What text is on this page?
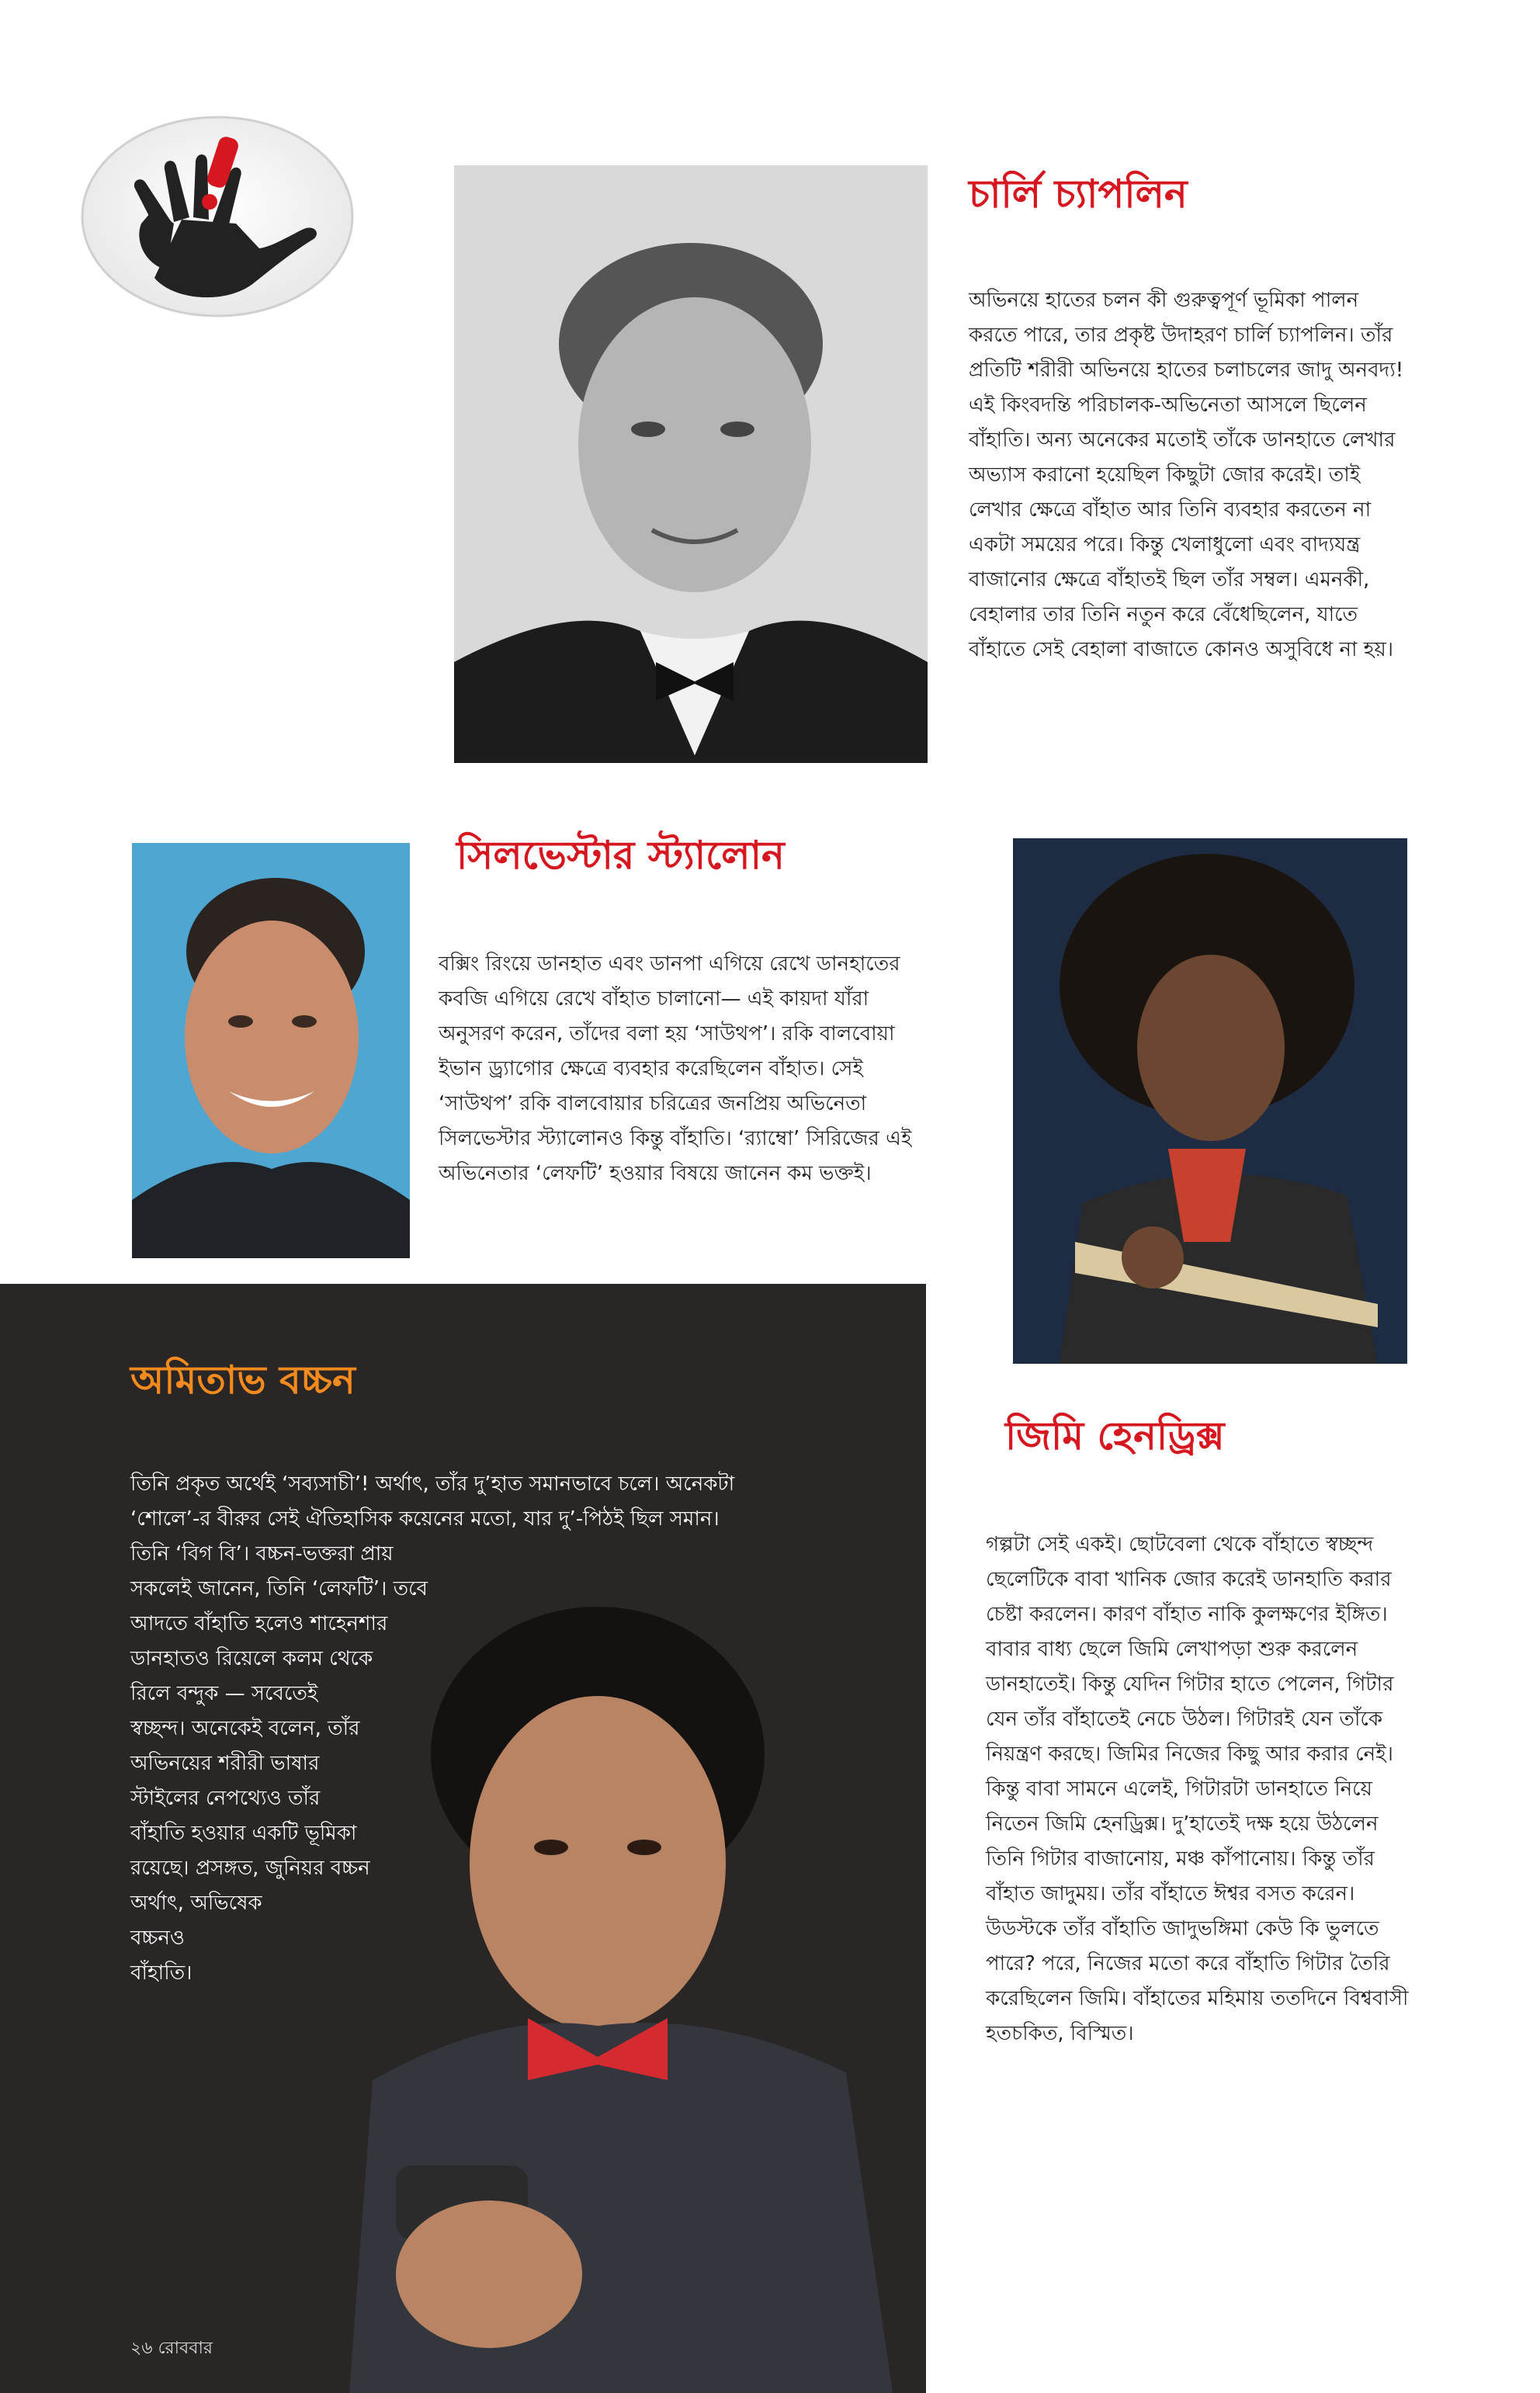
চার্লি চ্যাপলিন

অভিনয়ে হাতের চলন কী গুরুত্বপূর্ণ ভূমিকা পালন করতে পারে, তার প্রকৃষ্ট উদাহরণ চার্লি চ্যাপলিন। তাঁর প্রতিটি শরীরী অভিনয়ে হাতের চলাচলের জাদু অনবদ্য! এই কিংবদন্তি পরিচালক-অভিনেতা আসলে ছিলেন বাঁহাতি। অন্য অনেকের মতোই তাঁকে ডানহাতে লেখার অভ্যাস করানো হয়েছিল কিছুটা জোর করেই। তাই লেখার ক্ষেত্রে বাঁহাত আর তিনি ব্যবহার করতেন না একটা সময়ের পরে। কিন্তু খেলাধুলো এবং বাদ্যযন্ত্র বাজানোর ক্ষেত্রে বাঁহাতই ছিল তাঁর সম্বল। এমনকী, বেহালার তার তিনি নতুন করে বেঁধেছিলেন, যাতে বাঁহাতে সেই বেহালা বাজাতে কোনও অসুবিধে না হয়।

সিলভেস্টার স্ট্যালোন

বক্সিং রিংয়ে ডানহাত এবং ডানপা এগিয়ে রেখে ডানহাতের কবজি এগিয়ে রেখে বাঁহাত চালানো— এই কায়দা যাঁরা অনুসরণ করেন, তাঁদের বলা হয় ‘সাউথপ’। রকি বালবোয়া ইভান ড্র্যাগোর ক্ষেত্রে ব্যবহার করেছিলেন বাঁহাত। সেই ‘সাউথপ’ রকি বালবোয়ার চরিত্রের জনপ্রিয় অভিনেতা সিলভেস্টার স্ট্যালোনও কিন্তু বাঁহাতি। ‘র‍্যাম্বো’ সিরিজের এই অভিনেতার ‘লেফটি’ হওয়ার বিষয়ে জানেন কম ভক্তই।

জিমি হেনড্রিক্স

গল্পটা সেই একই। ছোটবেলা থেকে বাঁহাতে স্বচ্ছন্দ ছেলেটিকে বাবা খানিক জোর করেই ডানহাতি করার চেষ্টা করলেন। কারণ বাঁহাত নাকি কুলক্ষণের ইঙ্গিত। বাবার বাধ্য ছেলে জিমি লেখাপড়া শুরু করলেন ডানহাতেই। কিন্তু যেদিন গিটার হাতে পেলেন, গিটার যেন তাঁর বাঁহাতেই নেচে উঠল। গিটারই যেন তাঁকে নিয়ন্ত্রণ করছে। জিমির নিজের কিছু আর করার নেই। কিন্তু বাবা সামনে এলেই, গিটারটা ডানহাতে নিয়ে নিতেন জিমি হেনড্রিক্স। দু’হাতেই দক্ষ হয়ে উঠলেন তিনি গিটার বাজানোয়, মঞ্চ কাঁপানোয়। কিন্তু তাঁর বাঁহাত জাদুময়। তাঁর বাঁহাতে ঈশ্বর বসত করেন। উডস্টকে তাঁর বাঁহাতি জাদুভঙ্গিমা কেউ কি ভুলতে পারে? পরে, নিজের মতো করে বাঁহাতি গিটার তৈরি করেছিলেন জিমি। বাঁহাতের মহিমায় ততদিনে বিশ্ববাসী হতচকিত, বিস্মিত।

অমিতাভ বচ্চন
তিনি প্রকৃত অর্থেই ‘সব্যসাচী’! অর্থাৎ, তাঁর দু’হাত সমানভাবে চলে। অনেকটা
‘শোলে’-র বীরুর সেই ঐতিহাসিক কয়েনের মতো, যার দু’-পিঠই ছিল সমান।
তিনি ‘বিগ বি’। বচ্চন-ভক্তরা প্রায়
সকলেই জানেন, তিনি ‘লেফটি’। তবে
আদতে বাঁহাতি হলেও শাহেনশার
ডানহাতও রিয়েলে কলম থেকে
রিলে বন্দুক — সবেতেই
স্বচ্ছন্দ। অনেকেই বলেন, তাঁর
অভিনয়ের শরীরী ভাষার
স্টাইলের নেপথ্যেও তাঁর
বাঁহাতি হওয়ার একটি ভূমিকা
রয়েছে। প্রসঙ্গত, জুনিয়র বচ্চন
অর্থাৎ, অভিষেক
বচ্চনও
বাঁহাতি।
২৬ রোববার
